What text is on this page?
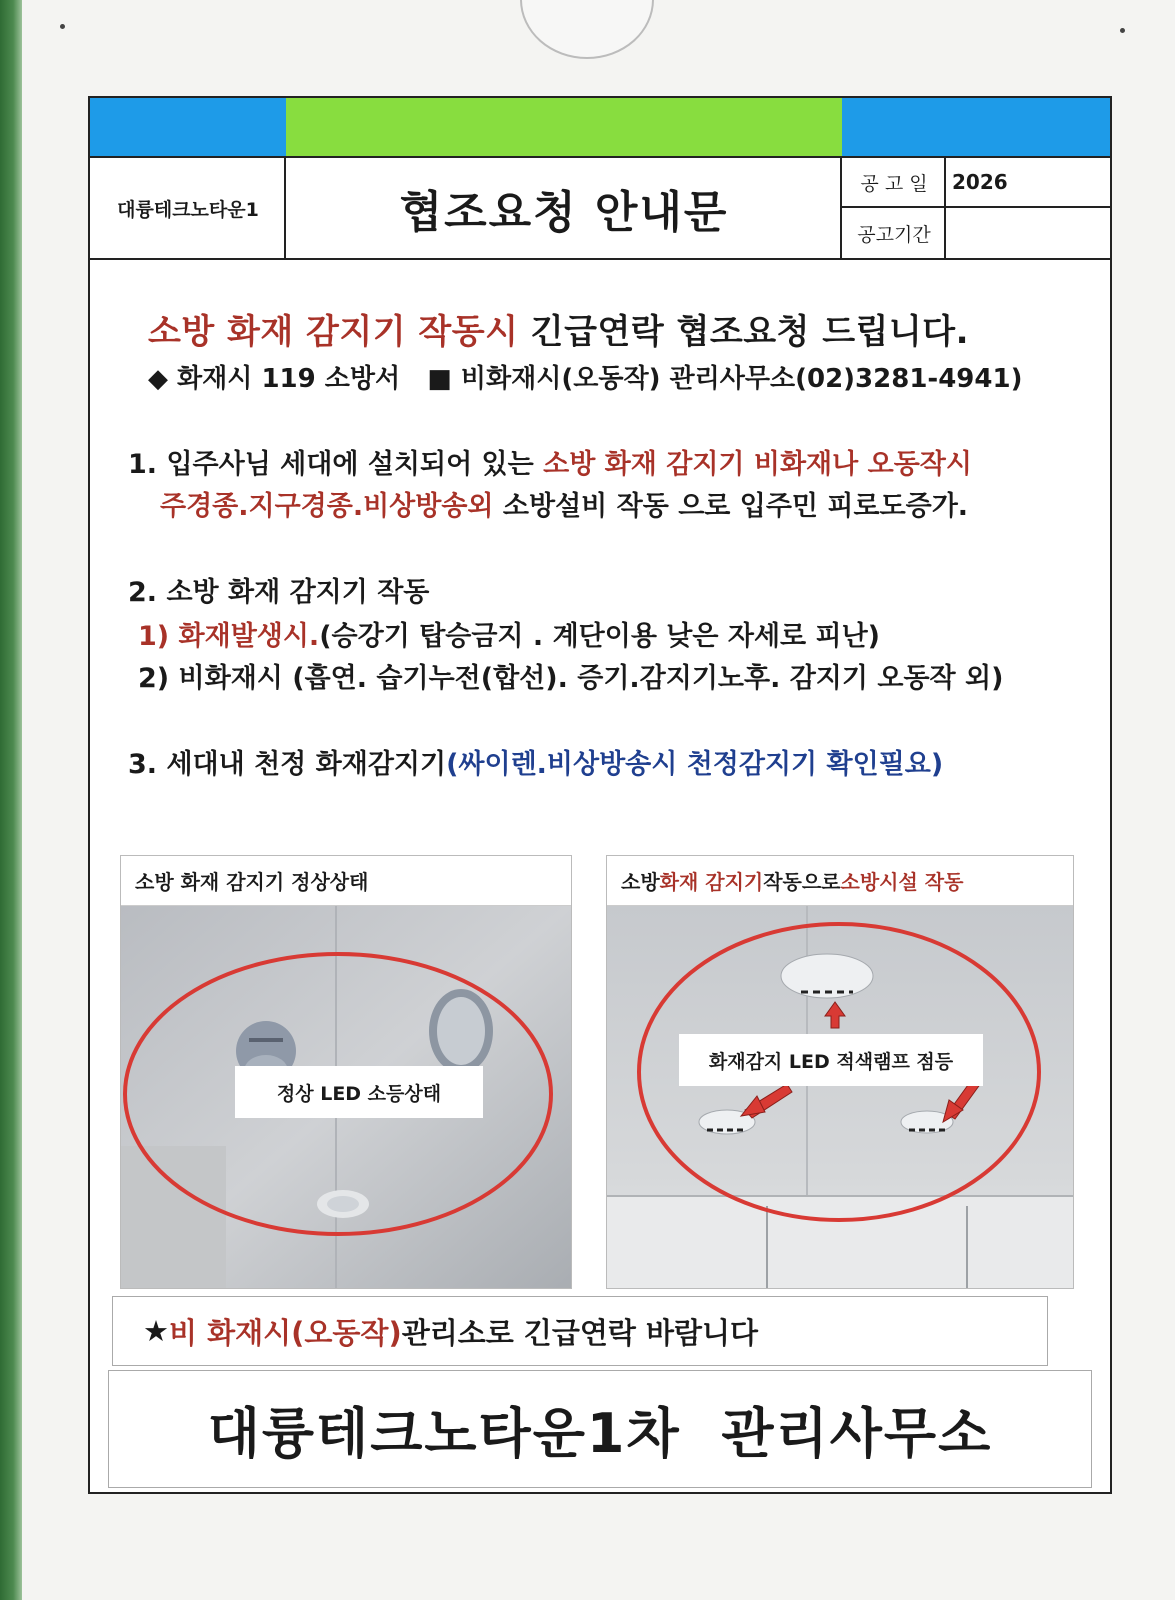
대륭테크노타운1	협조요청 안내문
공 고 일	2026
공고기간
소방 화재 감지기 작동시 긴급연락 협조요청 드립니다.
◆ 화재시 119 소방서 ■ 비화재시(오동작) 관리사무소(02)3281-4941)
1. 입주사님 세대에 설치되어 있는 소방 화재 감지기 비화재나 오동작시
주경종.지구경종.비상방송외 소방설비 작동 으로 입주민 피로도증가.
2. 소방 화재 감지기 작동
1) 화재발생시.(승강기 탑승금지 . 계단이용 낮은 자세로 피난)
2) 비화재시 (흡연. 습기누전(합선). 증기.감지기노후. 감지기 오동작 외)
3. 세대내 천정 화재감지기(싸이렌.비상방송시 천정감지기 확인필요)
소방 화재 감지기 정상상태
정상 LED 소등상태
소방 화재 감지기 작동으로 소방시설 작동
화재감지 LED 적색램프 점등
★ 비 화재시(오동작) 관리소로 긴급연락 바람니다
대륭테크노타운1차 관리사무소
